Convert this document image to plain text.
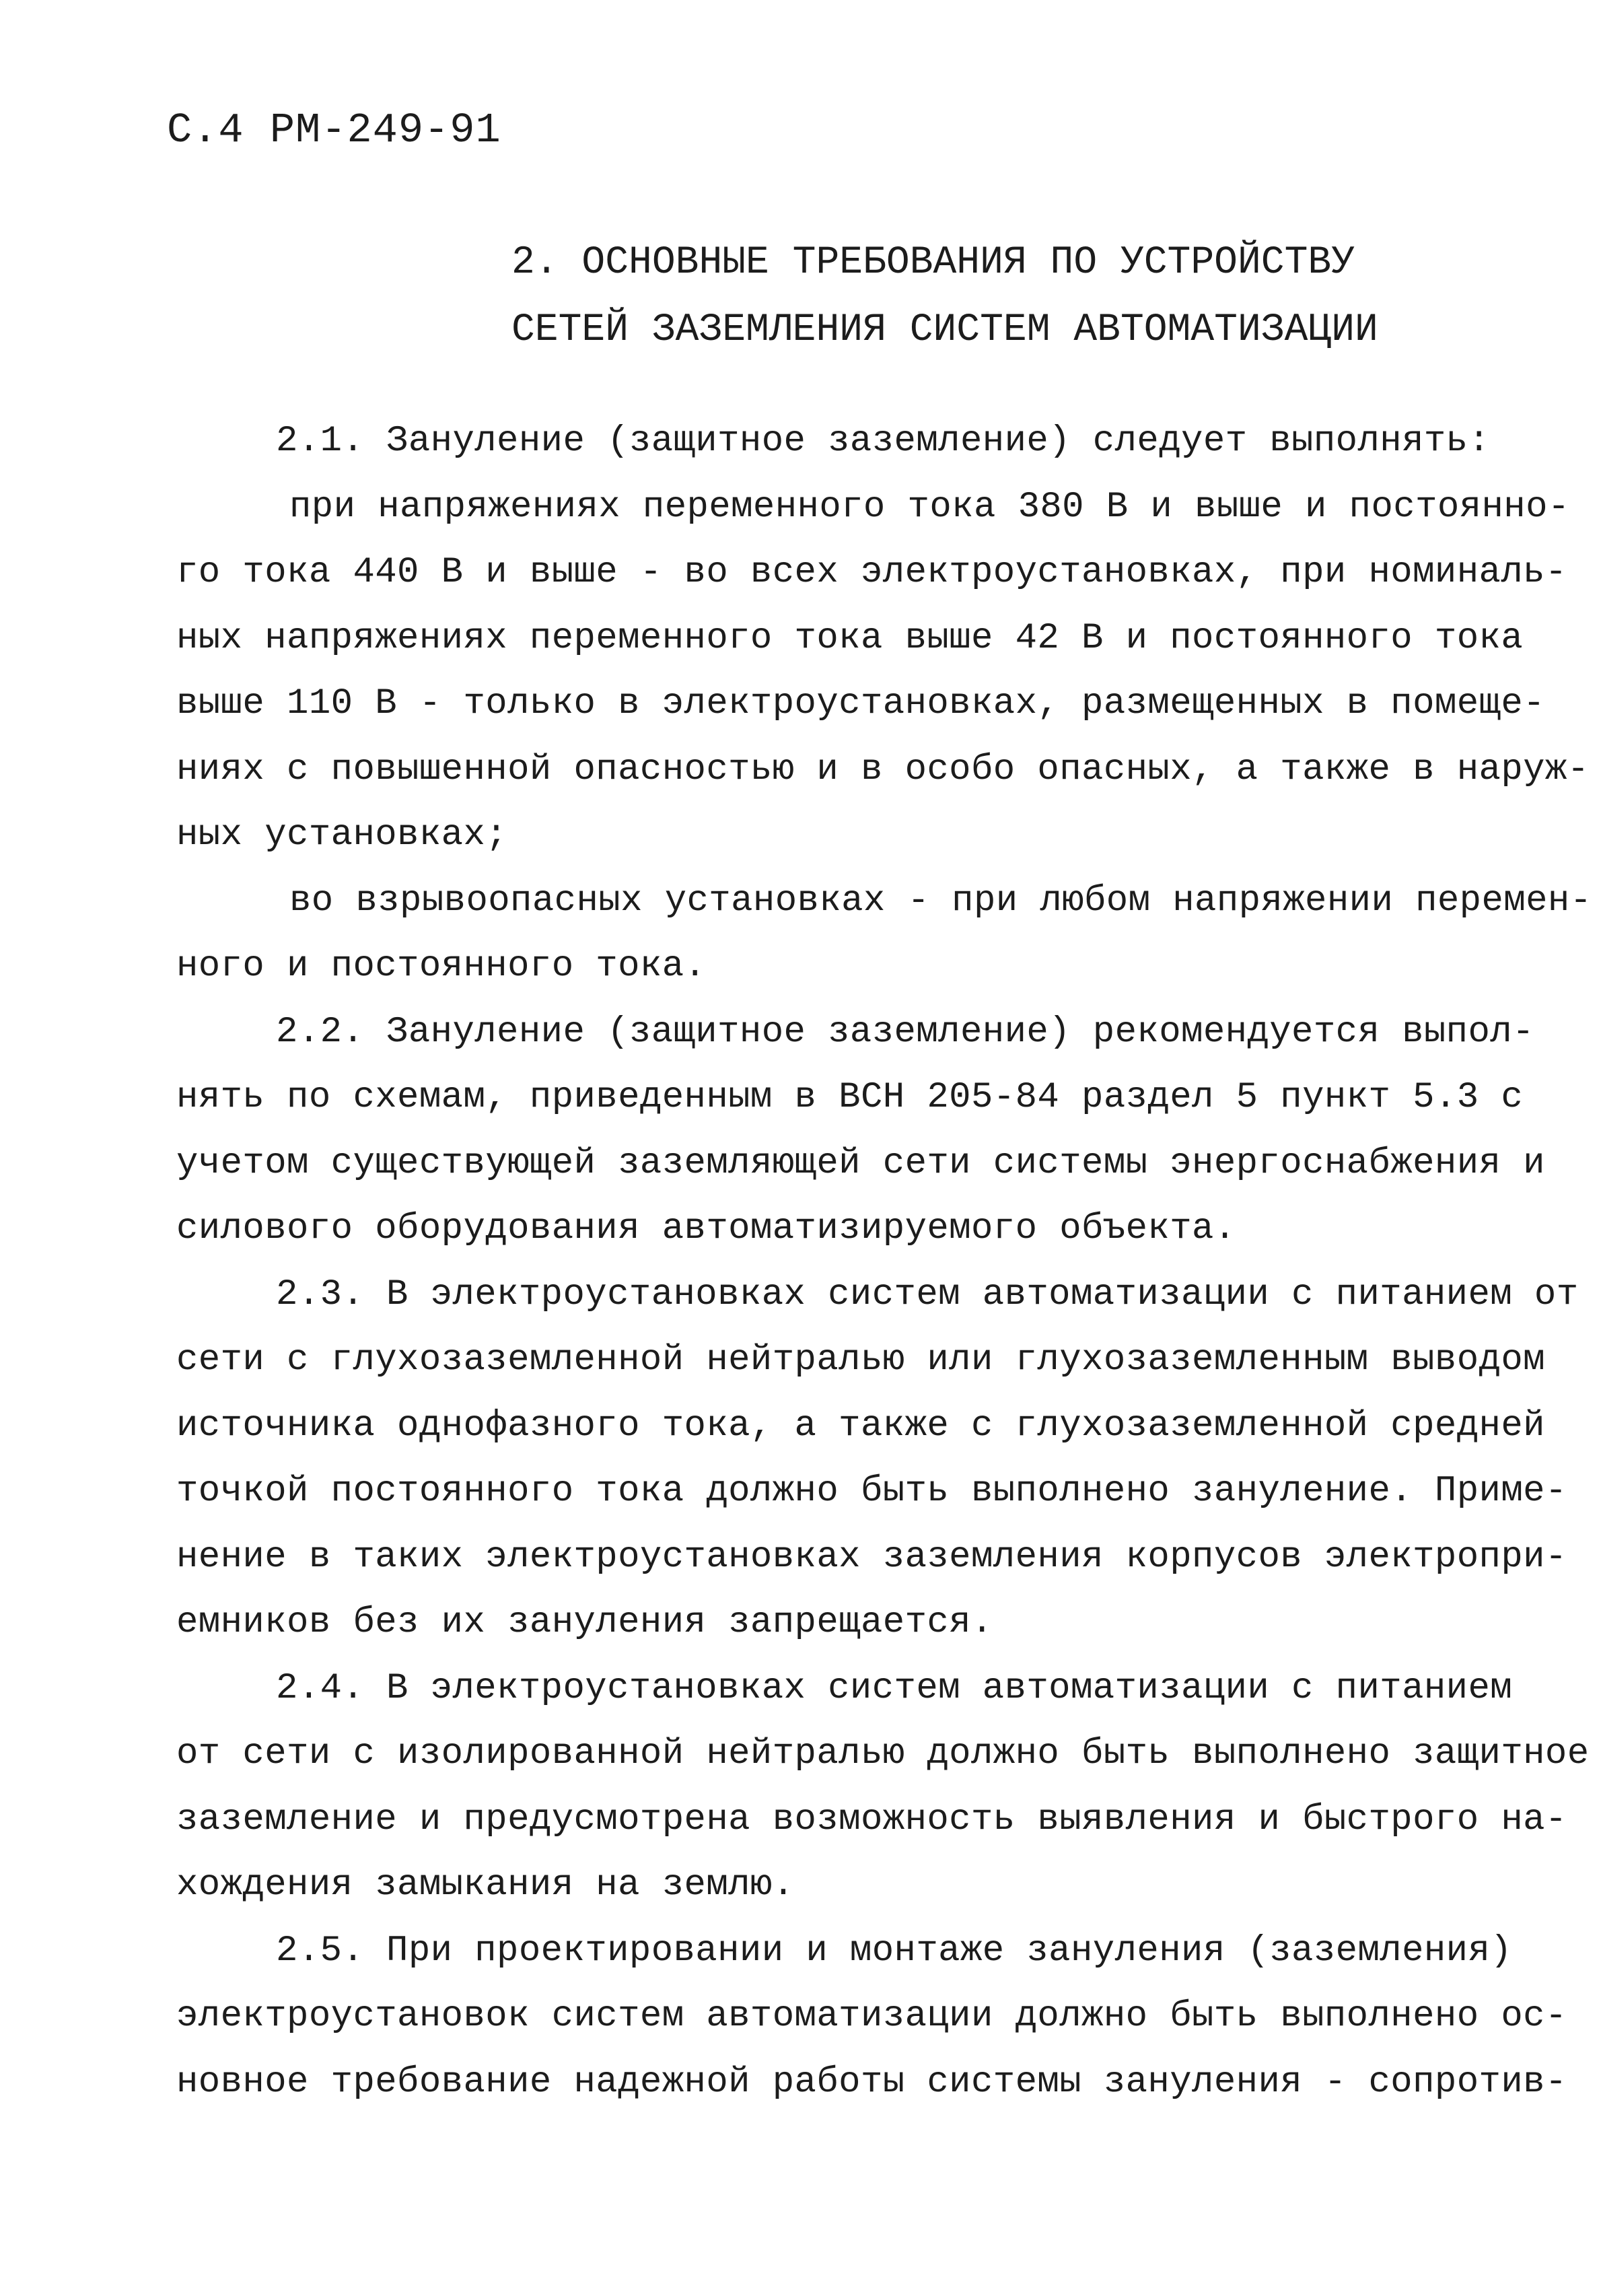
С.4 РМ-249-91
2. ОСНОВНЫЕ ТРЕБОВАНИЯ ПО УСТРОЙСТВУ
СЕТЕЙ ЗАЗЕМЛЕНИЯ СИСТЕМ АВТОМАТИЗАЦИИ
2.1. Зануление (защитное заземление) следует выполнять:
при напряжениях переменного тока 380 В и выше и постоянно-
го тока 440 В и выше - во всех электроустановках, при номиналь-
ных напряжениях переменного тока выше 42 В и постоянного тока
выше 110 В - только в электроустановках, размещенных в помеще-
ниях с повышенной опасностью и в особо опасных, а также в наруж-
ных установках;
во взрывоопасных установках - при любом напряжении перемен-
ного и постоянного тока.
2.2. Зануление (защитное заземление) рекомендуется выпол-
нять по схемам, приведенным в ВСН 205-84 раздел 5 пункт 5.3 с
учетом существующей заземляющей сети системы энергоснабжения и
силового оборудования автоматизируемого объекта.
2.3. В электроустановках систем автоматизации с питанием от
сети с глухозаземленной нейтралью или глухозаземленным выводом
источника однофазного тока, а также с глухозаземленной средней
точкой постоянного тока должно быть выполнено зануление. Приме-
нение в таких электроустановках заземления корпусов электропри-
емников без их зануления запрещается.
2.4. В электроустановках систем автоматизации с питанием
от сети с изолированной нейтралью должно быть выполнено защитное
заземление и предусмотрена возможность выявления и быстрого на-
хождения замыкания на землю.
2.5. При проектировании и монтаже зануления (заземления)
электроустановок систем автоматизации должно быть выполнено ос-
новное требование надежной работы системы зануления - сопротив-
